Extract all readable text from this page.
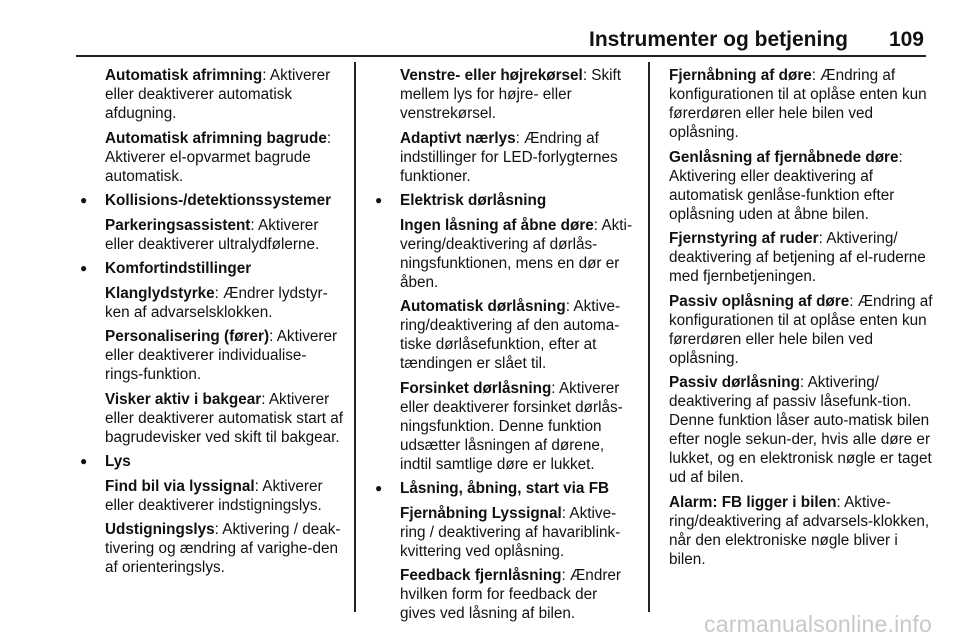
Instrumenter og betjening 109

Automatisk afrimning: Aktiverer eller deaktiverer automatisk afdugning.

Automatisk afrimning bagrude: Aktiverer el-opvarmet bagrude automatisk.

● Kollisions-/detektionssystemer

Parkeringsassistent: Aktiverer eller deaktiverer ultralydfølerne.

● Komfortindstillinger

Klanglydstyrke: Ændrer lydstyr-ken af advarselsklokken.

Personalisering (fører): Aktiverer eller deaktiverer individualise-rings-funktion.

Visker aktiv i bakgear: Aktiverer eller deaktiverer automatisk start af bagrudevisker ved skift til bakgear.

● Lys

Find bil via lyssignal: Aktiverer eller deaktiverer indstigningslys.

Udstigningslys: Aktivering / deak-tivering og ændring af varighe-den af orienteringslys.

Venstre- eller højrekørsel: Skift mellem lys for højre- eller venstrekørsel.

Adaptivt nærlys: Ændring af indstillinger for LED-forlygternes funktioner.

● Elektrisk dørlåsning

Ingen låsning af åbne døre: Akti-vering/deaktivering af dørlås-ningsfunktionen, mens en dør er åben.

Automatisk dørlåsning: Aktive-ring/deaktivering af den automa-tiske dørlåsefunktion, efter at tændingen er slået til.

Forsinket dørlåsning: Aktiverer eller deaktiverer forsinket dørlås-ningsfunktion. Denne funktion udsætter låsningen af dørene, indtil samtlige døre er lukket.

● Låsning, åbning, start via FB

Fjernåbning Lyssignal: Aktive-ring / deaktivering af havariblink-kvittering ved oplåsning.

Feedback fjernlåsning: Ændrer hvilken form for feedback der gives ved låsning af bilen.

Fjernåbning af døre: Ændring af konfigurationen til at oplåse enten kun førerdøren eller hele bilen ved oplåsning.

Genlåsning af fjernåbnede døre: Aktivering eller deaktivering af automatisk genlåse-funktion efter oplåsning uden at åbne bilen.

Fjernstyring af ruder: Aktivering/ deaktivering af betjening af el-ruderne med fjernbetjeningen.

Passiv oplåsning af døre: Ændring af konfigurationen til at oplåse enten kun førerdøren eller hele bilen ved oplåsning.

Passiv dørlåsning: Aktivering/ deaktivering af passiv låsefunk-tion. Denne funktion låser auto-matisk bilen efter nogle sekun-der, hvis alle døre er lukket, og en elektronisk nøgle er taget ud af bilen.

Alarm: FB ligger i bilen: Aktive-ring/deaktivering af advarsels-klokken, når den elektroniske nøgle bliver i bilen.

carmanualsonline.info
